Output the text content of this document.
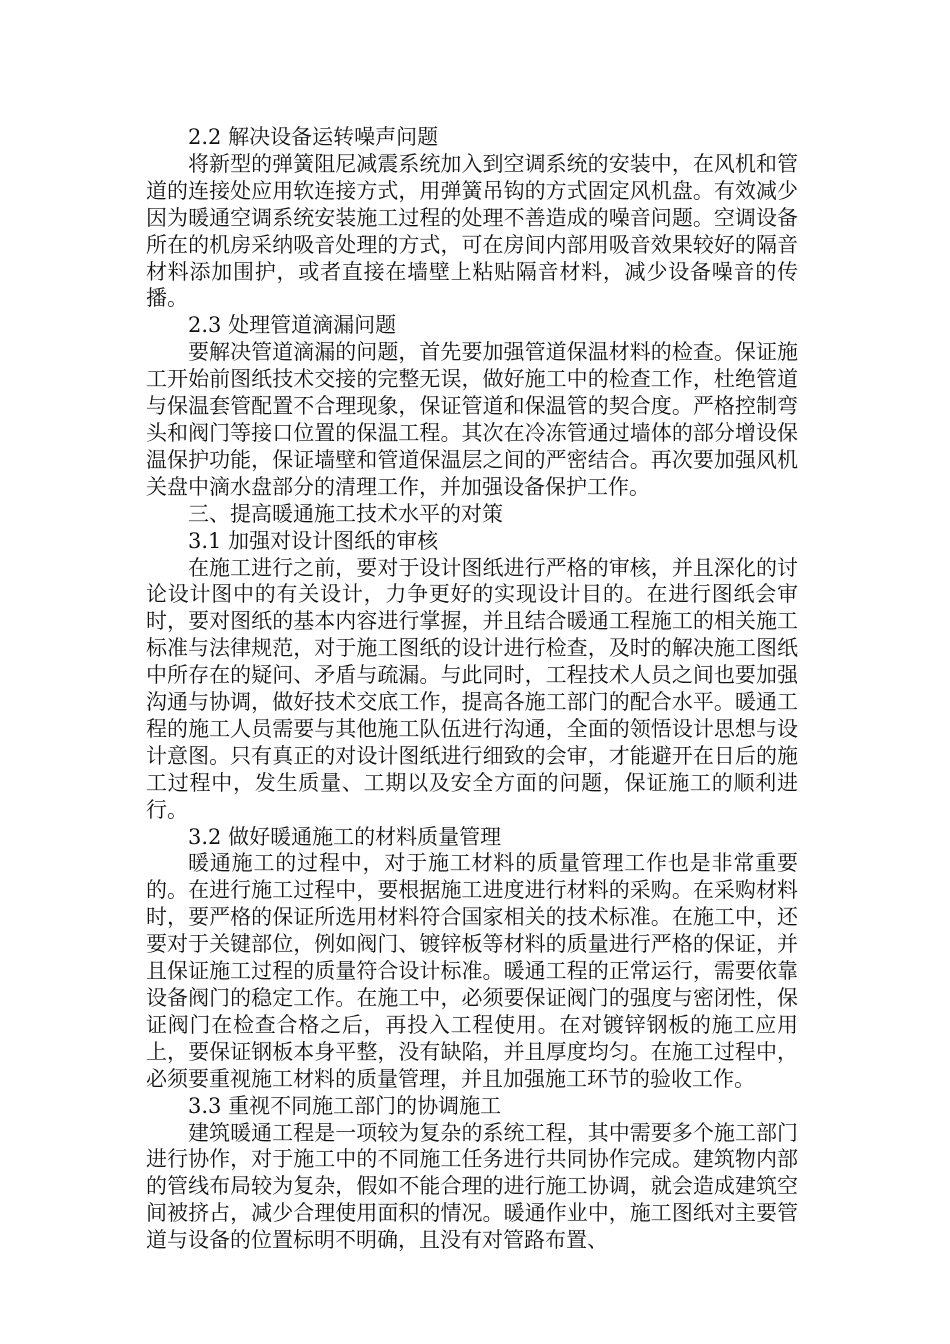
2.2 解决设备运转噪声问题

将新型的弹簧阻尼减震系统加入到空调系统的安装中，在风机和管道的连接处应用软连接方式，用弹簧吊钩的方式固定风机盘。有效减少因为暖通空调系统安装施工过程的处理不善造成的噪音问题。空调设备所在的机房采纳吸音处理的方式，可在房间内部用吸音效果较好的隔音材料添加围护，或者直接在墙壁上粘贴隔音材料，减少设备噪音的传播。

2.3 处理管道滴漏问题

要解决管道滴漏的问题，首先要加强管道保温材料的检查。保证施工开始前图纸技术交接的完整无误，做好施工中的检查工作，杜绝管道与保温套管配置不合理现象，保证管道和保温管的契合度。严格控制弯头和阀门等接口位置的保温工程。其次在冷冻管通过墙体的部分增设保温保护功能，保证墙壁和管道保温层之间的严密结合。再次要加强风机关盘中滴水盘部分的清理工作，并加强设备保护工作。

三、提高暖通施工技术水平的对策

3.1 加强对设计图纸的审核

在施工进行之前，要对于设计图纸进行严格的审核，并且深化的讨论设计图中的有关设计，力争更好的实现设计目的。在进行图纸会审时，要对图纸的基本内容进行掌握，并且结合暖通工程施工的相关施工标准与法律规范，对于施工图纸的设计进行检查，及时的解决施工图纸中所存在的疑问、矛盾与疏漏。与此同时，工程技术人员之间也要加强沟通与协调，做好技术交底工作，提高各施工部门的配合水平。暖通工程的施工人员需要与其他施工队伍进行沟通，全面的领悟设计思想与设计意图。只有真正的对设计图纸进行细致的会审，才能避开在日后的施工过程中，发生质量、工期以及安全方面的问题，保证施工的顺利进行。

3.2 做好暖通施工的材料质量管理

暖通施工的过程中，对于施工材料的质量管理工作也是非常重要的。在进行施工过程中，要根据施工进度进行材料的采购。在采购材料时，要严格的保证所选用材料符合国家相关的技术标准。在施工中，还要对于关键部位，例如阀门、镀锌板等材料的质量进行严格的保证，并且保证施工过程的质量符合设计标准。暖通工程的正常运行，需要依靠设备阀门的稳定工作。在施工中，必须要保证阀门的强度与密闭性，保证阀门在检查合格之后，再投入工程使用。在对镀锌钢板的施工应用上，要保证钢板本身平整，没有缺陷，并且厚度均匀。在施工过程中，必须要重视施工材料的质量管理，并且加强施工环节的验收工作。

3.3 重视不同施工部门的协调施工

建筑暖通工程是一项较为复杂的系统工程，其中需要多个施工部门进行协作，对于施工中的不同施工任务进行共同协作完成。建筑物内部的管线布局较为复杂，假如不能合理的进行施工协调，就会造成建筑空间被挤占，减少合理使用面积的情况。暖通作业中，施工图纸对主要管道与设备的位置标明不明确，且没有对管路布置、
